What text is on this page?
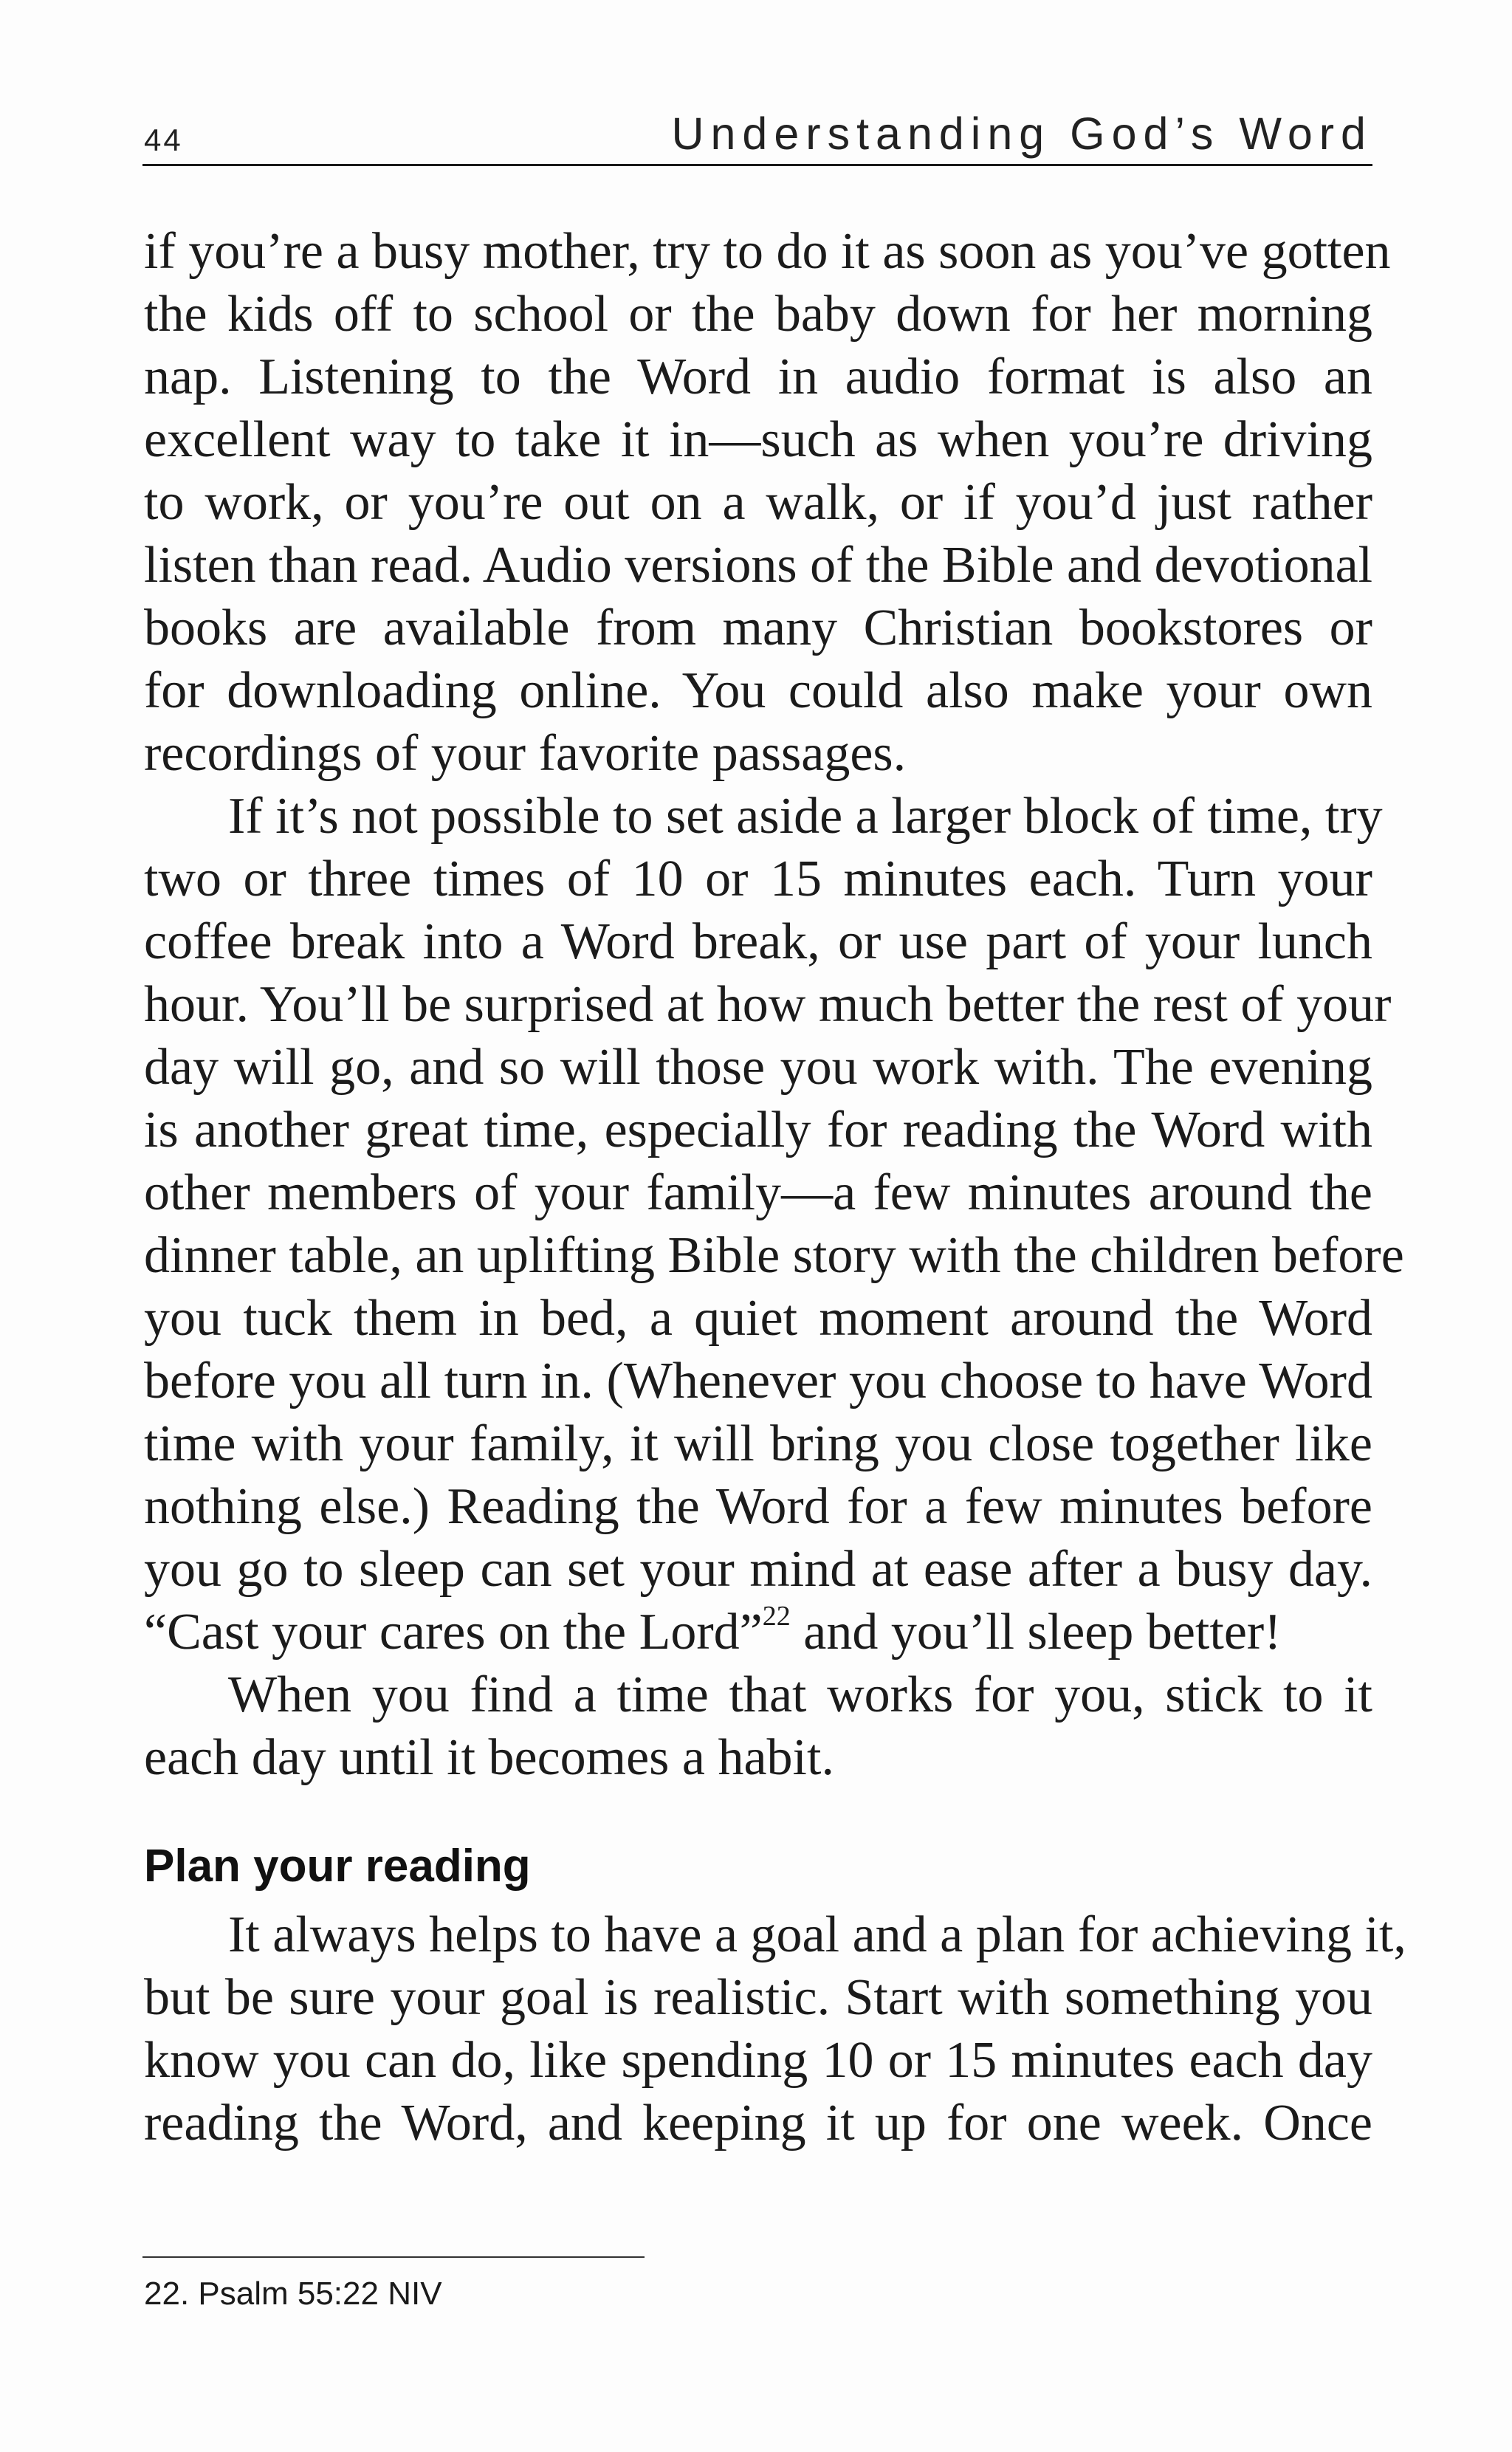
44	Understanding God’s Word
if you’re a busy mother, try to do it as soon as you’ve gotten
the kids off to school or the baby down for her morning
nap. Listening to the Word in audio format is also an
excellent way to take it in—such as when you’re driving
to work, or you’re out on a walk, or if you’d just rather
listen than read. Audio versions of the Bible and devotional
books are available from many Christian bookstores or
for downloading online. You could also make your own
recordings of your favorite passages.
If it’s not possible to set aside a larger block of time, try
two or three times of 10 or 15 minutes each. Turn your
coffee break into a Word break, or use part of your lunch
hour. You’ll be surprised at how much better the rest of your
day will go, and so will those you work with. The evening
is another great time, especially for reading the Word with
other members of your family—a few minutes around the
dinner table, an uplifting Bible story with the children before
you tuck them in bed, a quiet moment around the Word
before you all turn in. (Whenever you choose to have Word
time with your family, it will bring you close together like
nothing else.) Reading the Word for a few minutes before
you go to sleep can set your mind at ease after a busy day.
“Cast your cares on the Lord”$^{22}$ and you’ll sleep better!
When you find a time that works for you, stick to it
each day until it becomes a habit.
Plan your reading
It always helps to have a goal and a plan for achieving it,
but be sure your goal is realistic. Start with something you
know you can do, like spending 10 or 15 minutes each day
reading the Word, and keeping it up for one week. Once
22. Psalm 55:22 NIV
